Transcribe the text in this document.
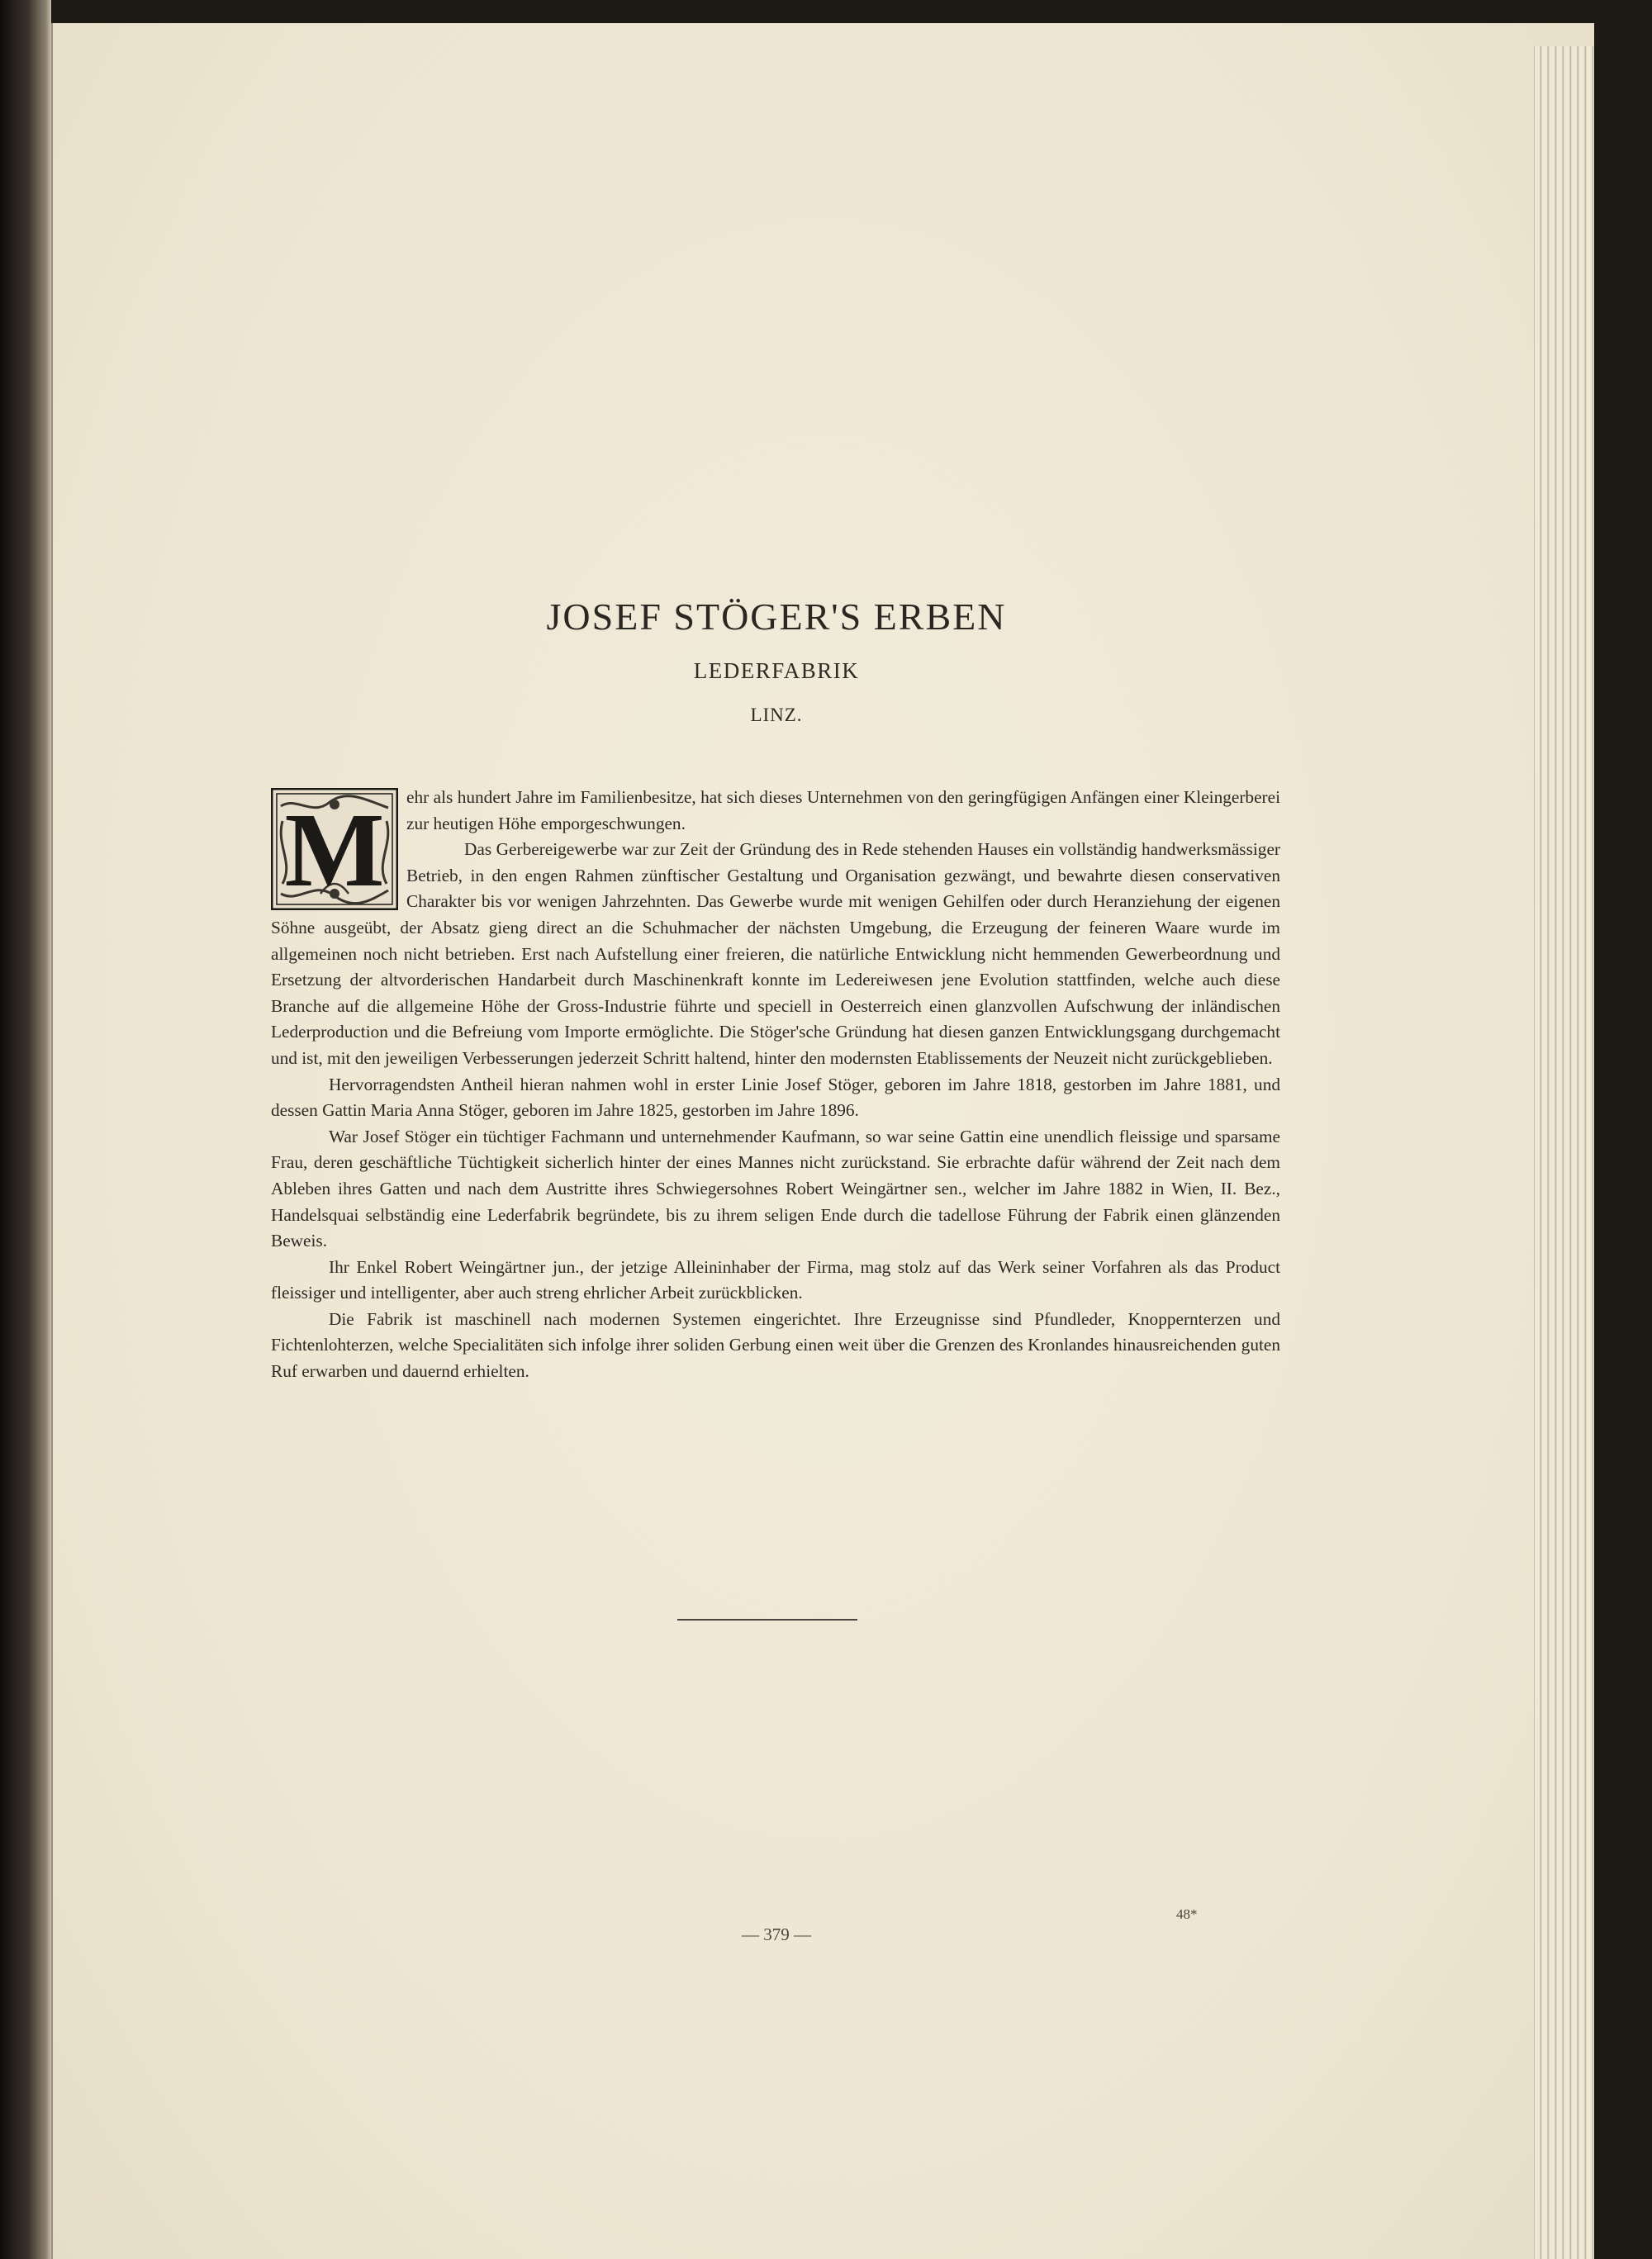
JOSEF STÖGER'S ERBEN
LEDERFABRIK
LINZ.

M	ehr als hundert Jahre im Familienbesitze, hat sich dieses Unternehmen von den geringfügigen Anfängen einer Kleingerberei zur heutigen Höhe emporgeschwungen.

Das Gerbereigewerbe war zur Zeit der Gründung des in Rede stehenden Hauses ein vollständig handwerksmässiger Betrieb, in den engen Rahmen zünftischer Gestaltung und Organisation gezwängt, und bewahrte diesen conservativen Charakter bis vor wenigen Jahrzehnten. Das Gewerbe wurde mit wenigen Gehilfen oder durch Heranziehung der eigenen Söhne ausgeübt, der Absatz gieng direct an die Schuhmacher der nächsten Umgebung, die Erzeugung der feineren Waare wurde im allgemeinen noch nicht betrieben. Erst nach Aufstellung einer freieren, die natürliche Entwicklung nicht hemmenden Gewerbeordnung und Ersetzung der altvorderischen Handarbeit durch Maschinenkraft konnte im Ledereiwesen jene Evolution stattfinden, welche auch diese Branche auf die allgemeine Höhe der Gross-Industrie führte und speciell in Oesterreich einen glanzvollen Aufschwung der inländischen Lederproduction und die Befreiung vom Importe ermöglichte. Die Stöger'sche Gründung hat diesen ganzen Entwicklungsgang durchgemacht und ist, mit den jeweiligen Verbesserungen jederzeit Schritt haltend, hinter den modernsten Etablissements der Neuzeit nicht zurückgeblieben.

Hervorragendsten Antheil hieran nahmen wohl in erster Linie Josef Stöger, geboren im Jahre 1818, gestorben im Jahre 1881, und dessen Gattin Maria Anna Stöger, geboren im Jahre 1825, gestorben im Jahre 1896.

War Josef Stöger ein tüchtiger Fachmann und unternehmender Kaufmann, so war seine Gattin eine unendlich fleissige und sparsame Frau, deren geschäftliche Tüchtigkeit sicherlich hinter der eines Mannes nicht zurückstand. Sie erbrachte dafür während der Zeit nach dem Ableben ihres Gatten und nach dem Austritte ihres Schwiegersohnes Robert Weingärtner sen., welcher im Jahre 1882 in Wien, II. Bez., Handelsquai selbständig eine Lederfabrik begründete, bis zu ihrem seligen Ende durch die tadellose Führung der Fabrik einen glänzenden Beweis.

Ihr Enkel Robert Weingärtner jun., der jetzige Alleininhaber der Firma, mag stolz auf das Werk seiner Vorfahren als das Product fleissiger und intelligenter, aber auch streng ehrlicher Arbeit zurückblicken.

Die Fabrik ist maschinell nach modernen Systemen eingerichtet. Ihre Erzeugnisse sind Pfundleder, Knoppernterzen und Fichtenlohterzen, welche Specialitäten sich infolge ihrer soliden Gerbung einen weit über die Grenzen des Kronlandes hinausreichenden guten Ruf erwarben und dauernd erhielten.

— 379 —
48*
